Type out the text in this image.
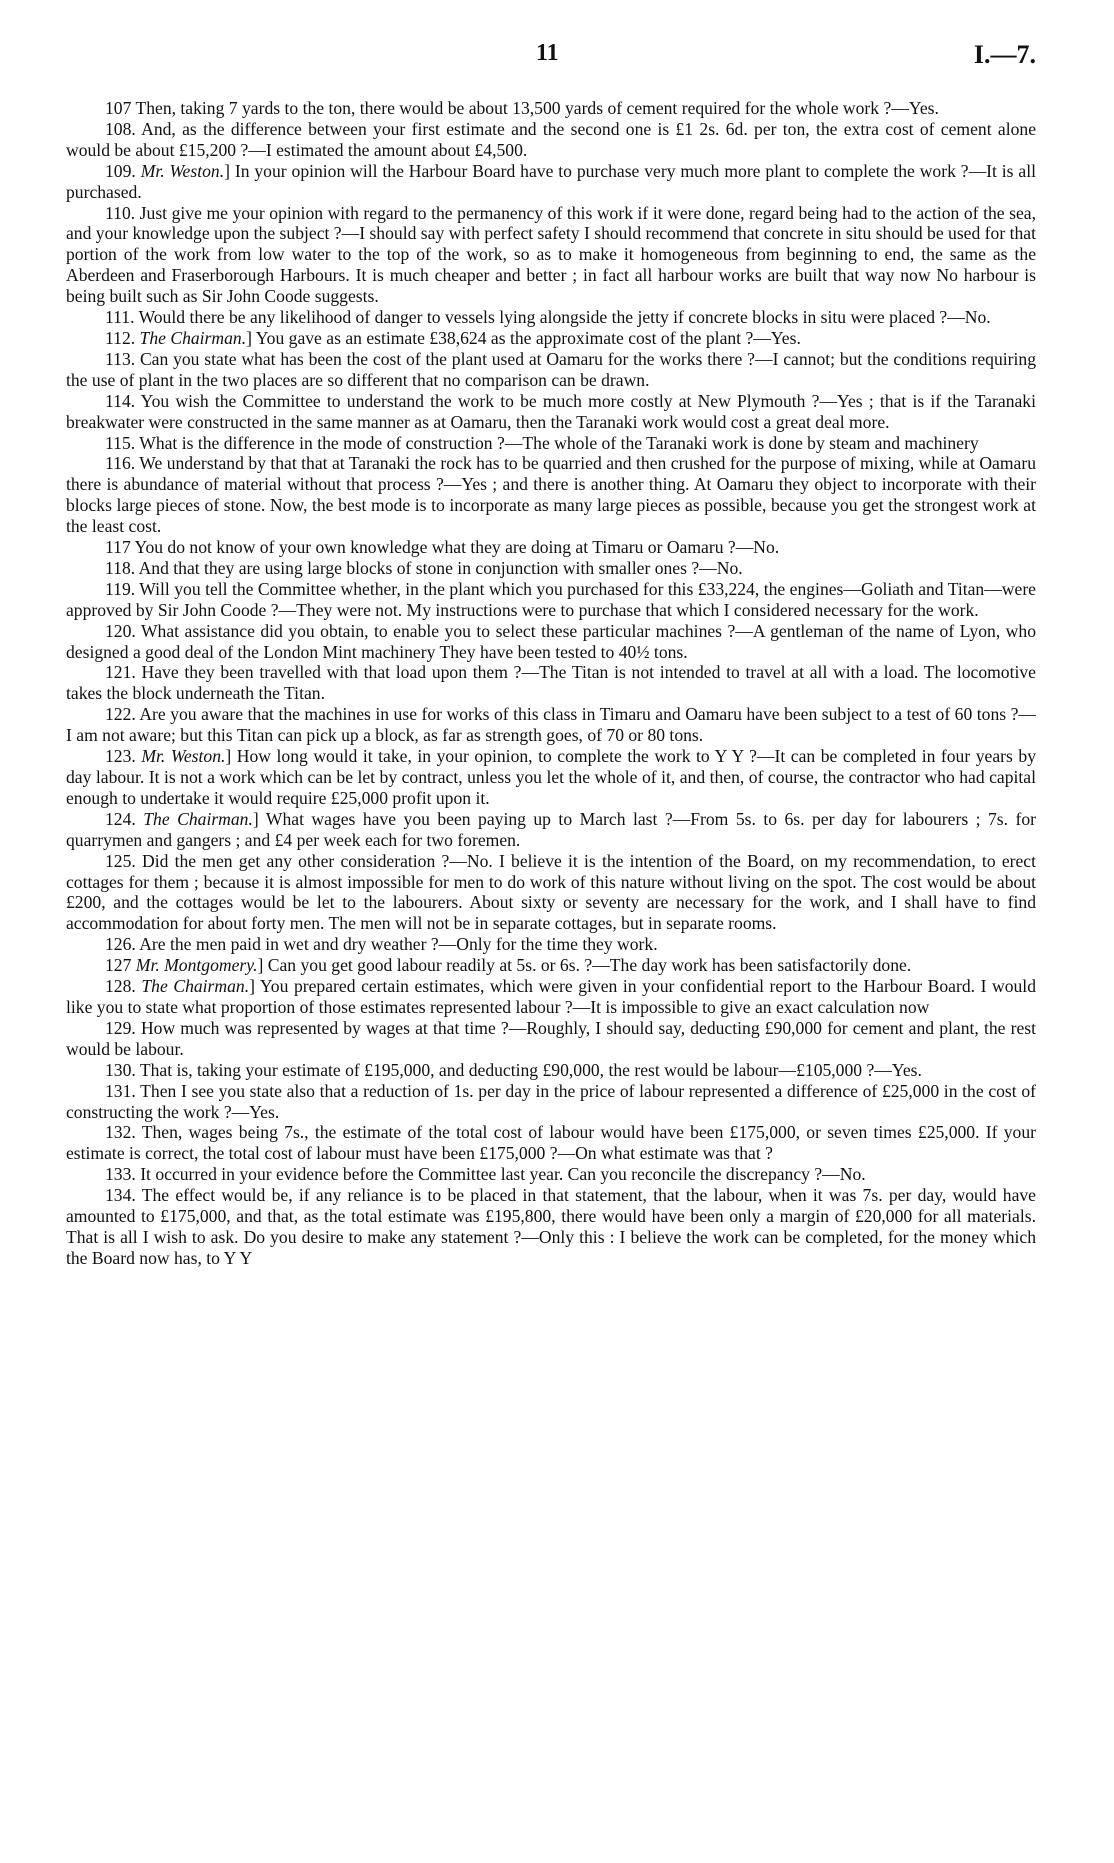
11	I.—7.

107 Then, taking 7 yards to the ton, there would be about 13,500 yards of cement required for the whole work ?—Yes.

108. And, as the difference between your first estimate and the second one is £1 2s. 6d. per ton, the extra cost of cement alone would be about £15,200 ?—I estimated the amount about £4,500.

109. Mr. Weston.] In your opinion will the Harbour Board have to purchase very much more plant to complete the work ?—It is all purchased.

110. Just give me your opinion with regard to the permanency of this work if it were done, regard being had to the action of the sea, and your knowledge upon the subject ?—I should say with perfect safety I should recommend that concrete in situ should be used for that portion of the work from low water to the top of the work, so as to make it homogeneous from beginning to end, the same as the Aberdeen and Fraserborough Harbours. It is much cheaper and better ; in fact all harbour works are built that way now No harbour is being built such as Sir John Coode suggests.

111. Would there be any likelihood of danger to vessels lying alongside the jetty if concrete blocks in situ were placed ?—No.

112. The Chairman.] You gave as an estimate £38,624 as the approximate cost of the plant ?—Yes.

113. Can you state what has been the cost of the plant used at Oamaru for the works there ?—I cannot; but the conditions requiring the use of plant in the two places are so different that no comparison can be drawn.

114. You wish the Committee to understand the work to be much more costly at New Plymouth ?—Yes ; that is if the Taranaki breakwater were constructed in the same manner as at Oamaru, then the Taranaki work would cost a great deal more.

115. What is the difference in the mode of construction ?—The whole of the Taranaki work is done by steam and machinery

116. We understand by that that at Taranaki the rock has to be quarried and then crushed for the purpose of mixing, while at Oamaru there is abundance of material without that process ?—Yes ; and there is another thing. At Oamaru they object to incorporate with their blocks large pieces of stone. Now, the best mode is to incorporate as many large pieces as possible, because you get the strongest work at the least cost.

117 You do not know of your own knowledge what they are doing at Timaru or Oamaru ?—No.

118. And that they are using large blocks of stone in conjunction with smaller ones ?—No.

119. Will you tell the Committee whether, in the plant which you purchased for this £33,224, the engines—Goliath and Titan—were approved by Sir John Coode ?—They were not. My instructions were to purchase that which I considered necessary for the work.

120. What assistance did you obtain, to enable you to select these particular machines ?—A gentleman of the name of Lyon, who designed a good deal of the London Mint machinery They have been tested to 40½ tons.

121. Have they been travelled with that load upon them ?—The Titan is not intended to travel at all with a load. The locomotive takes the block underneath the Titan.

122. Are you aware that the machines in use for works of this class in Timaru and Oamaru have been subject to a test of 60 tons ?—I am not aware; but this Titan can pick up a block, as far as strength goes, of 70 or 80 tons.

123. Mr. Weston.] How long would it take, in your opinion, to complete the work to Y Y ?—It can be completed in four years by day labour. It is not a work which can be let by contract, unless you let the whole of it, and then, of course, the contractor who had capital enough to undertake it would require £25,000 profit upon it.

124. The Chairman.] What wages have you been paying up to March last ?—From 5s. to 6s. per day for labourers ; 7s. for quarrymen and gangers ; and £4 per week each for two foremen.

125. Did the men get any other consideration ?—No. I believe it is the intention of the Board, on my recommendation, to erect cottages for them ; because it is almost impossible for men to do work of this nature without living on the spot. The cost would be about £200, and the cottages would be let to the labourers. About sixty or seventy are necessary for the work, and I shall have to find accommodation for about forty men. The men will not be in separate cottages, but in separate rooms.

126. Are the men paid in wet and dry weather ?—Only for the time they work.

127 Mr. Montgomery.] Can you get good labour readily at 5s. or 6s. ?—The day work has been satisfactorily done.

128. The Chairman.] You prepared certain estimates, which were given in your confidential report to the Harbour Board. I would like you to state what proportion of those estimates represented labour ?—It is impossible to give an exact calculation now

129. How much was represented by wages at that time ?—Roughly, I should say, deducting £90,000 for cement and plant, the rest would be labour.

130. That is, taking your estimate of £195,000, and deducting £90,000, the rest would be labour—£105,000 ?—Yes.

131. Then I see you state also that a reduction of 1s. per day in the price of labour represented a difference of £25,000 in the cost of constructing the work ?—Yes.

132. Then, wages being 7s., the estimate of the total cost of labour would have been £175,000, or seven times £25,000. If your estimate is correct, the total cost of labour must have been £175,000 ?—On what estimate was that ?

133. It occurred in your evidence before the Committee last year. Can you reconcile the discrepancy ?—No.

134. The effect would be, if any reliance is to be placed in that statement, that the labour, when it was 7s. per day, would have amounted to £175,000, and that, as the total estimate was £195,800, there would have been only a margin of £20,000 for all materials. That is all I wish to ask. Do you desire to make any statement ?—Only this : I believe the work can be completed, for the money which the Board now has, to Y Y
